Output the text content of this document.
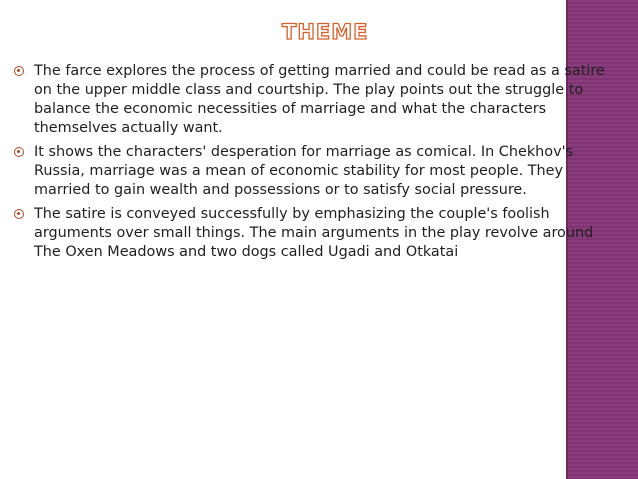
THEME
The farce explores the process of getting married and could be read as a satire on the upper middle class and courtship. The play points out the struggle to balance the economic necessities of marriage and what the characters themselves actually want.
It shows the characters' desperation for marriage as comical. In Chekhov's Russia, marriage was a mean of economic stability for most people. They married to gain wealth and possessions or to satisfy social pressure.
The satire is conveyed successfully by emphasizing the couple's foolish arguments over small things. The main arguments in the play revolve around The Oxen Meadows and two dogs called Ugadi and Otkatai
